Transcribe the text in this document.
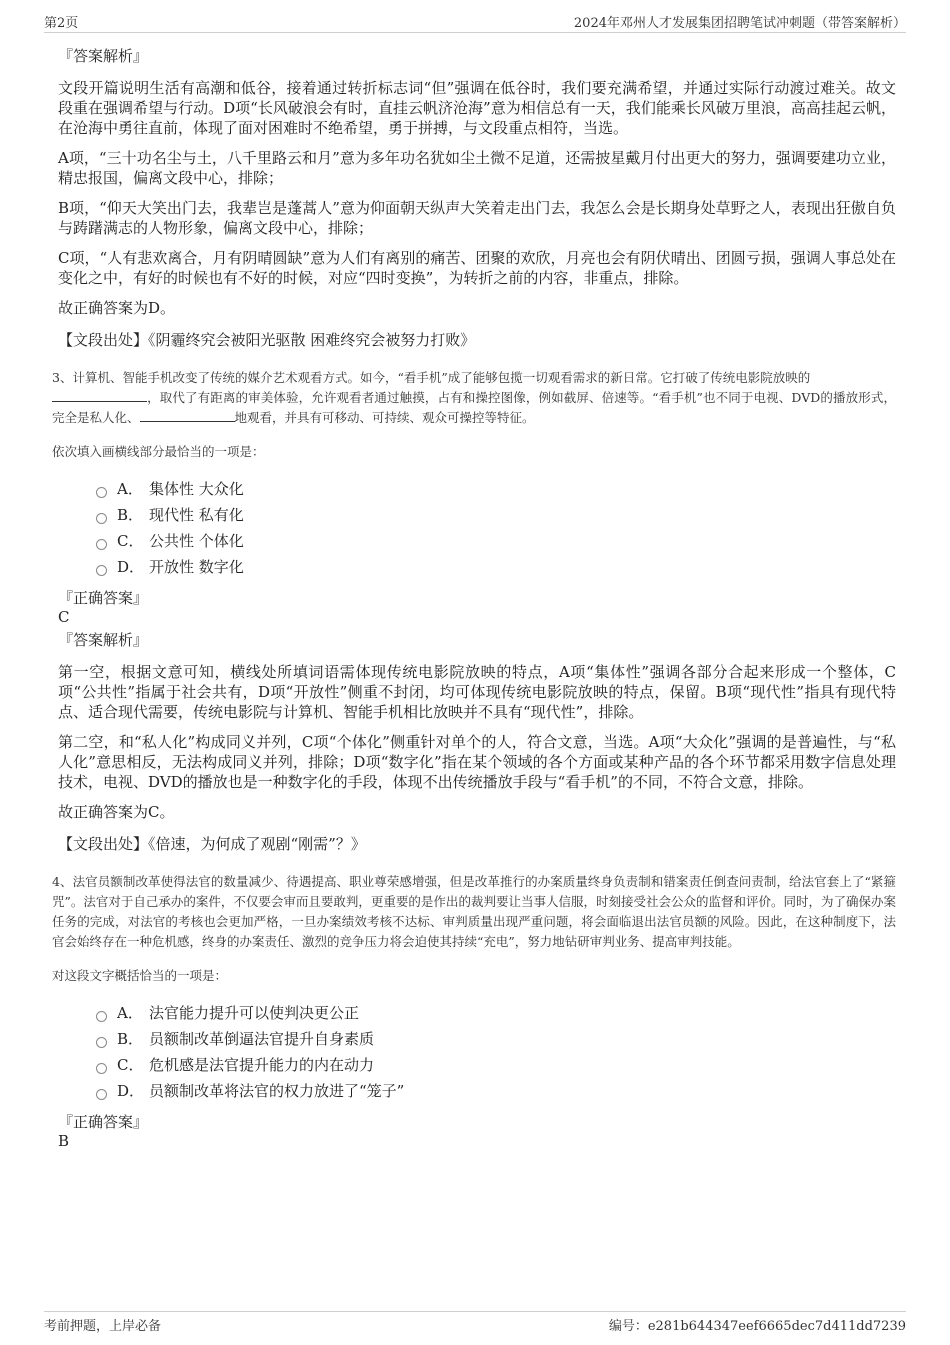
第2页	2024年邓州人才发展集团招聘笔试冲刺题（带答案解析）
『答案解析』

文段开篇说明生活有高潮和低谷，接着通过转折标志词“但”强调在低谷时，我们要充满希望，并通过实际行动渡过难关。故文段重在强调希望与行动。D项“长风破浪会有时，直挂云帆济沧海”意为相信总有一天，我们能乘长风破万里浪，高高挂起云帆，在沧海中勇往直前，体现了面对困难时不绝希望，勇于拼搏，与文段重点相符，当选。

A项，“三十功名尘与土，八千里路云和月”意为多年功名犹如尘土微不足道，还需披星戴月付出更大的努力，强调要建功立业，精忠报国，偏离文段中心，排除；

B项，“仰天大笑出门去，我辈岂是蓬蒿人”意为仰面朝天纵声大笑着走出门去，我怎么会是长期身处草野之人，表现出狂傲自负与踌躇满志的人物形象，偏离文段中心，排除；

C项，“人有悲欢离合，月有阴晴圆缺”意为人们有离别的痛苦、团聚的欢欣，月亮也会有阴伏晴出、团圆亏损，强调人事总处在变化之中，有好的时候也有不好的时候，对应“四时变换”，为转折之前的内容，非重点，排除。

故正确答案为D。

【文段出处】《阴霾终究会被阳光驱散 困难终究会被努力打败》

3、计算机、智能手机改变了传统的媒介艺术观看方式。如今，“看手机”成了能够包揽一切观看需求的新日常。它打破了传统电影院放映的
，取代了有距离的审美体验，允许观看者通过触摸，占有和操控图像，例如截屏、倍速等。“看手机”也不同于电视、DVD的播放形式，完全是私人化、	地观看，并具有可移动、可持续、观众可操控等特征。

依次填入画横线部分最恰当的一项是：

A． 集体性 大众化
B． 现代性 私有化
C． 公共性 个体化
D． 开放性 数字化
『正确答案』
C
『答案解析』

第一空，根据文意可知，横线处所填词语需体现传统电影院放映的特点，A项“集体性”强调各部分合起来形成一个整体，C项“公共性”指属于社会共有，D项“开放性”侧重不封闭，均可体现传统电影院放映的特点，保留。B项“现代性”指具有现代特点、适合现代需要，传统电影院与计算机、智能手机相比放映并不具有“现代性”，排除。

第二空，和“私人化”构成同义并列，C项“个体化”侧重针对单个的人，符合文意，当选。A项“大众化”强调的是普遍性，与“私人化”意思相反，无法构成同义并列，排除；D项“数字化”指在某个领域的各个方面或某种产品的各个环节都采用数字信息处理技术，电视、DVD的播放也是一种数字化的手段，体现不出传统播放手段与“看手机”的不同，不符合文意，排除。

故正确答案为C。

【文段出处】《倍速，为何成了观剧“刚需”？》

4、法官员额制改革使得法官的数量减少、待遇提高、职业尊荣感增强，但是改革推行的办案质量终身负责制和错案责任倒查问责制，给法官套上了“紧箍咒”。法官对于自己承办的案件，不仅要会审而且要敢判，更重要的是作出的裁判要让当事人信服，时刻接受社会公众的监督和评价。同时，为了确保办案任务的完成，对法官的考核也会更加严格，一旦办案绩效考核不达标、审判质量出现严重问题，将会面临退出法官员额的风险。因此，在这种制度下，法官会始终存在一种危机感，终身的办案责任、激烈的竞争压力将会迫使其持续“充电”，努力地钻研审判业务、提高审判技能。

对这段文字概括恰当的一项是：

A． 法官能力提升可以使判决更公正
B． 员额制改革倒逼法官提升自身素质
C． 危机感是法官提升能力的内在动力
D． 员额制改革将法官的权力放进了“笼子”
『正确答案』
B
考前押题，上岸必备	编号：e281b644347eef6665dec7d411dd7239
